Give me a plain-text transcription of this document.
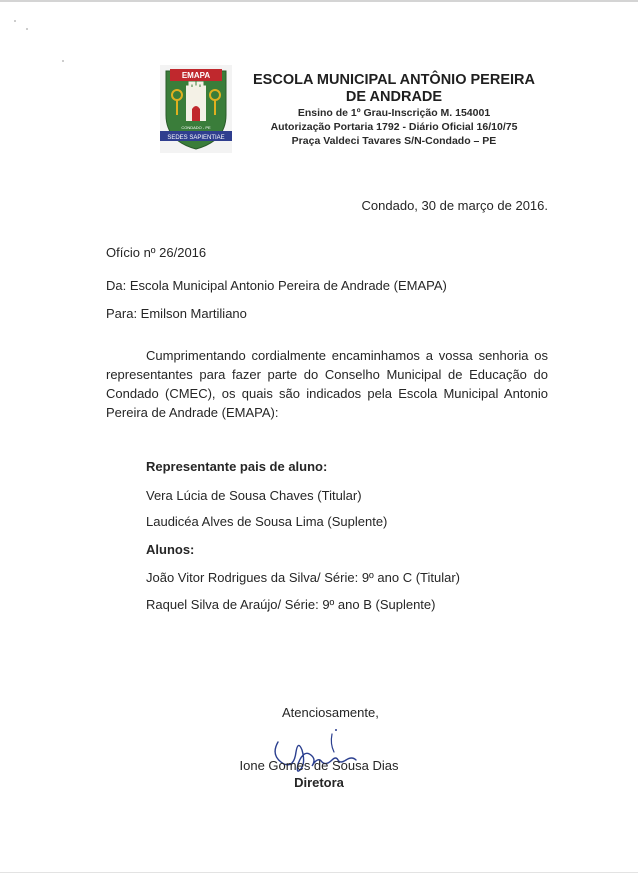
EMAPA
CONDADO - PE
SEDES SAPIENTIAE
ESCOLA MUNICIPAL ANTÔNIO PEREIRA DE ANDRADE
Ensino de 1º Grau-Inscrição M. 154001
Autorização Portaria 1792 - Diário Oficial 16/10/75
Praça Valdeci Tavares S/N-Condado – PE
Condado, 30 de março de 2016.
Ofício nº 26/2016
Da: Escola Municipal Antonio Pereira de Andrade (EMAPA)
Para: Emilson Martiliano
Cumprimentando cordialmente encaminhamos a vossa senhoria os representantes para fazer parte do Conselho Municipal de Educação do Condado (CMEC), os quais são indicados pela Escola Municipal Antonio Pereira de Andrade (EMAPA):
Representante pais de aluno:
Vera Lúcia de Sousa Chaves (Titular)
Laudicéa Alves de Sousa Lima (Suplente)
Alunos:
João Vitor Rodrigues da Silva/ Série: 9º ano C (Titular)
Raquel Silva de Araújo/ Série: 9º ano B (Suplente)
Atenciosamente,
Ione Gomes de Sousa Dias
Diretora
